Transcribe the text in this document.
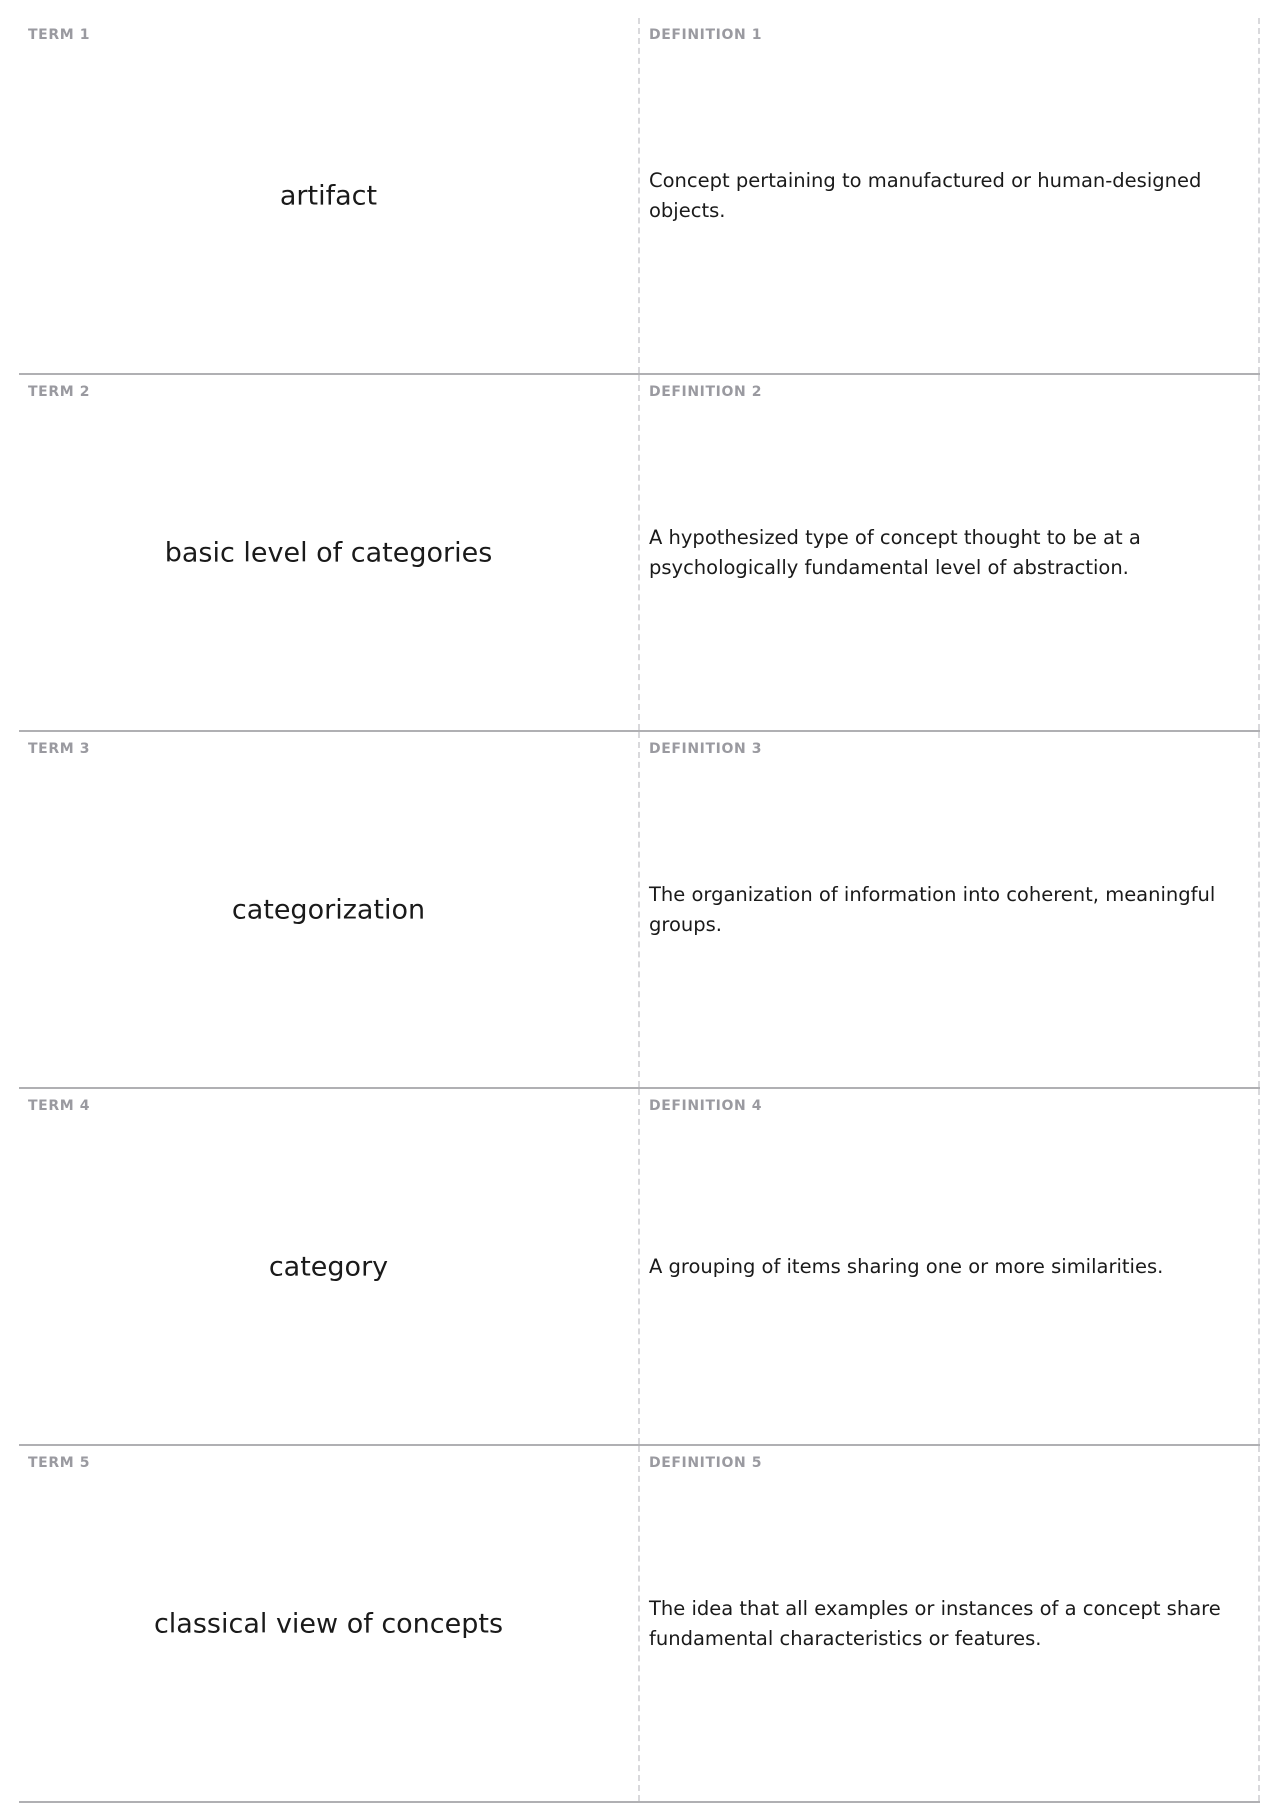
TERM 1
artifact
DEFINITION 1
Concept pertaining to manufactured or human-designed objects.
TERM 2
basic level of categories
DEFINITION 2
A hypothesized type of concept thought to be at a psychologically fundamental level of abstraction.
TERM 3
categorization
DEFINITION 3
The organization of information into coherent, meaningful groups.
TERM 4
category
DEFINITION 4
A grouping of items sharing one or more similarities.
TERM 5
classical view of concepts
DEFINITION 5
The idea that all examples or instances of a concept share fundamental characteristics or features.
